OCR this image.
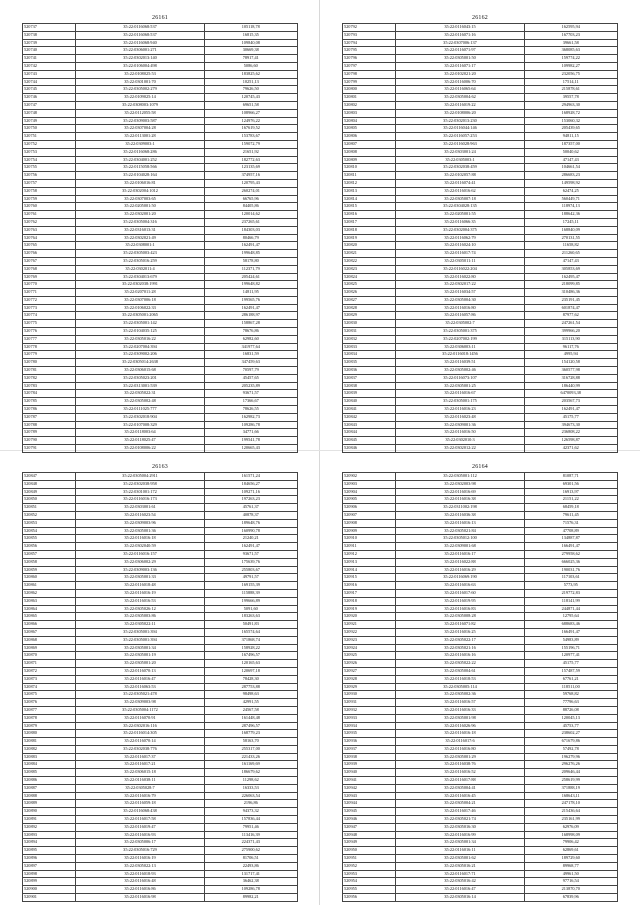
26161
520737	35:22:0116068:537	105118,78
520738	35:22:0116068:537	16815,35
520739	35:22:0116068:940	109840,08
520740	35:22:0306001:271	30669,38
520741	35:22:0302013:140	78917,41
520742	35:22:0106004:498	5086,60
520743	35:22:0108025:53	183825,62
520744	35:22:0301001:70	10251,13
520745	35:22:0305002:279	79626,50
520746	35:22:0109025:14	120745,43
520747	35:22:0308003:1079	69651,58
520748	35:22:0112055:58	108966,27
520749	35:22:0309003:587	124976,22
520750	35:22:0307004:28	167619,52
520751	35:22:0113001:28	153783,67
520752	35:22:0309003:1	159072,79
520753	35:22:0116068:286	21651,92
520754	35:22:0304001:252	182772,63
520755	35:22:0115058:566	123135,69
520756	35:22:0104028:164	374957,16
520757	35:22:0106016:81	120795,43
520758	35:22:0302004:1012	260274,01
520759	35:22:0307003:65	66765,96
520760	35:22:0205001:50	84405,86
520761	35:22:0302001:20	120014,62
520762	35:22:0305004:316	237265,61
520763	35:22:0316013:31	184303,03
520764	35:22:0302021:49	80466,79
520765	35:22:0308001:1	162491,47
520766	35:22:0305003:423	199648,85
520767	35:22:0305016:259	58178,80
520768	35:22:0302011:4	112371,79
520769	35:22:0304013:679	205424,61
520770	35:22:0302038:1991	199648,82
520771	35:22:0207011:28	14811,95
520772	35:22:0307006:18	199565,76
520773	35:22:0106022:33	162491,47
520774	35:22:0305001:2065	286188,97
520775	35:22:0305001:142	158867,28
520776	35:22:0104035:125	78676,86
520777	35:22:0305016:22	62982,60
520778	35:22:0207004:394	341977,64
520779	35:22:0309002:206	16831,59
520780	35:22:0305014:2638	347459,63
520781	35:22:0306015:68	70597,79
520782	35:22:0305023:201	45457,65
520783	35:22:0313001:539	205235,89
520784	35:22:0305022:31	93671,57
520785	35:22:0305002:48	17366,67
520786	35:22:0111025:777	78626,55
520787	35:22:0302018:904	162982,73
520788	35:22:0107008:329	109286,78
520789	35:22:0118003:64	34771,66
520790	35:22:0118025:47	199541,78
520791	35:22:0108006:22	120665,43
26162
520792	35:22:0116043:15	162595,94
520793	35:22:0116071:16	167703,23
520794	35:22:0307006:137	39661,58
520795	35:22:0116071:97	368085,63
520796	35:22:0305001:50	159774,22
520797	35:22:0116071:17	109982,27
520798	35:22:0102021:20	232056,75
520799	35:22:0116006:70	17514,11
520800	35:22:0116065:64	215878,61
520801	35:22:0305004:62	39557,78
520802	35:22:0116019:22	294963,30
520803	35:22:0108006:20	168928,72
520804	35:22:0302013:230	153060,32
520805	35:22:0116044:146	205439,65
520806	35:22:0116057:253	94811,15
520807	35:22:0116028:963	187357,00
520808	35:22:0303001:24	50040,62
520809	35:22:0305003:1	47147,43
520810	35:22:0302038:459	104661,54
520811	35:22:0102057:88	286683,23
520812	35:22:0116074:41	149598,92
520813	35:22:0116016:62	62474,25
520814	35:22:0305007:18	560449,71
520815	35:22:0304028:135	118974,13
520816	35:22:0205001:55	188642,36
520817	35:22:0116066:35	17245,11
520818	35:22:0302004:375	168840,09
520819	35:22:0116062:79	270131,55
520820	35:22:0116024:10	11658,82
520821	35:22:0116017:74	211260,65
520822	35:22:0305011:11	47147,43
520823	35:22:0116022:204	305853,69
520824	35:22:0116022:80	162495,47
520825	35:22:0302017:22	218099,85
520826	35:22:0116034:57	310486,36
520827	35:22:0305004:30	235191,45
520828	35:22:0116016:80	601874,47
520829	35:22:0116057:86	87977,62
520830	35:22:0305002:7	247261,54
520831	35:22:0305001:375	399966,20
520832	35:22:0207002:199	315113,90
520833	35:22:0306003:11	96117,76
520834	35:22:0116018:1456	4995,94
520835	35:22:0116039:51	154120,58
520836	35:22:0305002:46	360577,98
520837	35:22:0116073:107	316728,88
520838	35:22:0305001:25	186440,99
520839	35:22:0116016:67	6470093,38
520840	35:22:0305001:175	203567,73
520841	35:22:0116016:23	162491,47
520842	35:22:0116023:48	45175,77
520843	35:22:0309001:36	394673,30
520844	35:22:0116016:50	236808,22
520845	35:22:0302010:3	126598,87
520846	35:22:0302012:22	42371,62
26163
520847	35:22:0305004:2911	161571,24
520848	35:22:0302038:958	184656,27
520849	35:22:0301001:172	109271,16
520850	35:22:0116016:173	197263,23
520851	35:22:0303001:61	45761,37
520852	35:22:0116023:54	40878,37
520853	35:22:0309003:96	189648,76
520854	35:22:0305001:36	160990,78
520855	35:22:0116016:18	21240,21
520856	35:22:0302040:59	162491,47
520857	35:22:0116016:157	93671,57
520858	35:22:0306002:29	175639,76
520859	35:22:0309003:136	255803,67
520860	35:22:0305001:33	49791,57
520861	35:22:0116018:48	169155,39
520862	35:22:0116016:19	115888,39
520863	35:22:0116016:53	199666,89
520864	35:22:0305026:12	5091,60
520865	35:22:0305003:86	183263,63
520866	35:22:0305022:11	50491,83
520867	35:22:0305001:394	165574,64
520868	35:22:0305001:394	371868,74
520869	35:22:0305001:34	158928,22
520870	35:22:0305001:19	167496,57
520871	35:22:0305001:20	120165,63
520872	35:22:0116070:13	120697,18
520873	35:22:0116016:47	78428,30
520874	35:22:0116063:53	287753,88
520875	35:22:0305021:478	98498,63
520876	35:22:0309003:98	42991,55
520877	35:22:0305004:1172	24567,58
520878	35:22:0116070:91	161448,48
520879	35:22:0302016:116	287496,57
520880	35:22:0116014:305	168779,23
520881	35:22:0116070:14	58163,70
520882	35:22:0302038:776	255317,00
520883	35:22:0116017:37	221433,26
520884	35:22:0116017:21	161169,69
520885	35:22:0306015:18	186679,62
520886	35:22:0116038:11	11298,62
520887	35:22:0305028:7	16333,53
520888	35:22:0116016:79	226063,54
520889	35:22:0116059:18	2196,86
520890	35:22:0116068:438	94373,32
520891	35:22:0116017:58	157836,44
520892	35:22:0116019:47	79951,46
520893	35:22:0116016:93	113416,39
520894	35:22:0305006:17	224371,43
520895	35:22:0305016:729	275900,62
520896	35:22:0116016:19	81706,51
520897	35:22:0305022:13	22493,86
520898	35:22:0116018:93	131717,41
520899	35:22:0116016:48	36462,38
520900	35:22:0116016:86	109286,78
520901	35:22:0116016:98	89982,21
26164
520902	35:22:0305001:112	81087,71
520903	35:22:0302003:98	69301,56
520904	35:22:0116016:69	16913,97
520905	35:22:0116016:38	21151,22
520906	35:22:0311002:198	68459,18
520907	35:22:0116036:38	79611,45
520908	35:22:0116016:13	71576,31
520909	35:22:0305021:84	47708,89
520910	35:22:0305012:100	134887,87
520911	35:22:0309001:68	166491,47
520912	35:22:0116016:17	279958,62
520913	35:22:0116022:88	666025,36
520914	35:22:0116016:29	190031,76
520915	35:22:0116069:190	117103,61
520916	35:22:0116016:63	5773,95
520917	35:22:0116017:60	219772,83
520918	35:22:0116019:95	118141,99
520919	35:22:0116016:83	244871,44
520920	35:22:0305008:28	12795,64
520921	35:22:0116071:82	688683,46
520922	35:22:0116016:25	166491,47
520923	35:22:0305022:17	54983,89
520924	35:22:0305021:16	155196,71
520925	35:22:0116016:16	120977,41
520926	35:22:0305022:22	45175,77
520927	35:22:0305004:61	157487,59
520928	35:22:0116018:53	67761,21
520929	35:22:0305005:114	118511,00
520930	35:22:0305002:36	59768,82
520931	35:22:0116016:57	77796,63
520932	35:22:0116016:33	88726,08
520933	35:22:0305001:98	120045,13
520934	35:22:0116026:96	45753,77
520935	35:22:0116016:18	238602,27
520936	35:22:0116017:6	671679,86
520937	35:22:0116016:80	57492,78
520938	35:22:0305001:29	196279,96
520939	35:22:0116038:76	296276,26
520940	35:22:0116016:52	209646,44
520941	35:22:0116017:88	258619,99
520942	35:22:0305004:41	371888,19
520943	35:22:0116016:45	168643,11
520944	35:22:0305004:21	247178,10
520945	35:22:0116017:46	215436,64
520946	35:22:0305021:74	235161,99
520947	35:22:0305016:30	62976,09
520948	35:22:0116016:99	168998,09
520949	35:22:0305001:34	79906,42
520950	35:22:0116016:11	62869,61
520951	35:22:0305001:62	189729,60
520952	35:22:0305016:21	89968,77
520953	35:22:0116017:71	49961,50
520954	35:22:0305016:42	97716,54
520955	35:22:0116016:47	213870,70
520956	35:22:0305016:14	67839,96
